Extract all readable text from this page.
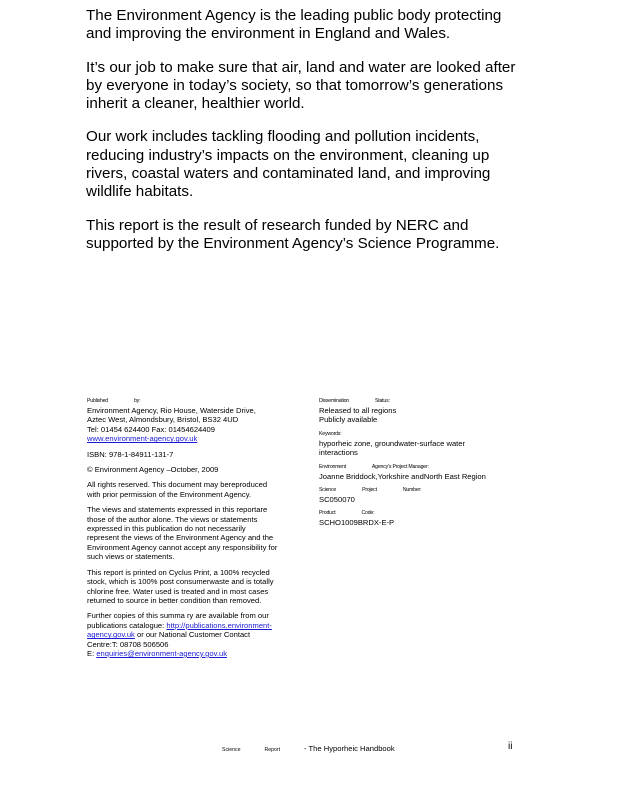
The Environment Agency is the leading public body protecting and improving the environment in England and Wales.

It’s our job to make sure that air, land and water are looked after by everyone in today’s society, so that tomorrow’s generations inherit a cleaner, healthier world.

Our work includes tackling flooding and pollution incidents, reducing industry’s impacts on the environment, cleaning up rivers, coastal waters and contaminated land, and improving wildlife habitats.

This report is the result of research funded by NERC and supported by the Environment Agency’s Science Programme.

Published	by:

Environment Agency, Rio House, Waterside Drive,

Aztec West, Almondsbury, Bristol, BS32 4UD

Tel: 01454 624400 Fax: 01454624409

www.environment-agency.gov.uk

ISBN: 978-1-84911-131-7

© Environment Agency –October, 2009

All rights reserved. This document may bereproduced

with prior permission of the Environment Agency.

The views and statements expressed in this reportare

those of the author alone. The views or statements

expressed in this publication do not necessarily

represent the views of the Environment Agency and the

Environment Agency cannot accept any responsibility for

such views or statements.

This report is printed on Cyclus Print, a 100% recycled

stock, which is 100% post consumerwaste and is totally

chlorine free. Water used is treated and in most cases

returned to source in better condition than removed.

Further copies of this summa ry are available from our

publications catalogue: http://publications.environment-

agency.gov.uk or our National Customer Contact

Centre:T: 08708 506506

E: enquiries@environment-agency.gov.uk

Dissemination	Status:

Released to all regions

Publicly available

Keywords:

hyporheic zone, groundwater-surface water

interactions

Environment	Agency's Project Manager:

Joanne Briddock,Yorkshire andNorth East Region

Science	Project	Number:

SC050070

Product	Code:

SCHO1009BRDX-E-P

Science	Report	- The Hyporheic Handbook	ii
